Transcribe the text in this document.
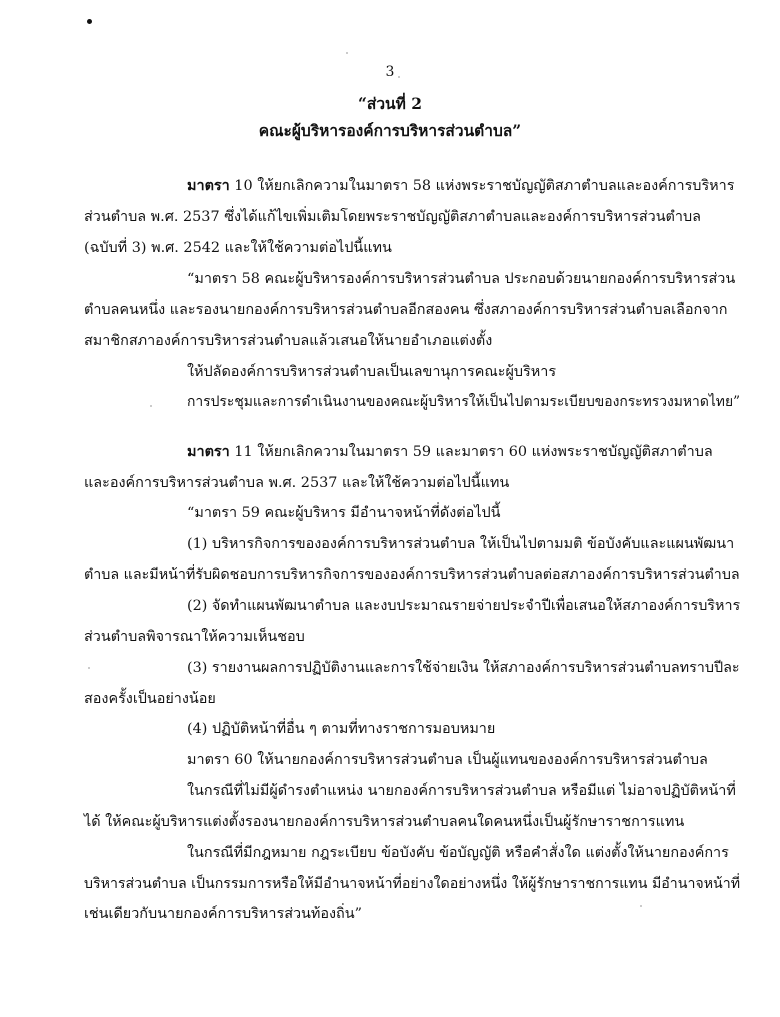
3
“ส่วนที่ 2
คณะผู้บริหารองค์การบริหารส่วนตำบล”
มาตรา 10 ให้ยกเลิกความในมาตรา 58 แห่งพระราชบัญญัติสภาตำบลและองค์การบริหาร
ส่วนตำบล พ.ศ. 2537 ซึ่งได้แก้ไขเพิ่มเติมโดยพระราชบัญญัติสภาตำบลและองค์การบริหารส่วนตำบล
(ฉบับที่ 3) พ.ศ. 2542 และให้ใช้ความต่อไปนี้แทน
“มาตรา 58 คณะผู้บริหารองค์การบริหารส่วนตำบล ประกอบด้วยนายกองค์การบริหารส่วน
ตำบลคนหนึ่ง และรองนายกองค์การบริหารส่วนตำบลอีกสองคน ซึ่งสภาองค์การบริหารส่วนตำบลเลือกจาก
สมาชิกสภาองค์การบริหารส่วนตำบลแล้วเสนอให้นายอำเภอแต่งตั้ง
ให้ปลัดองค์การบริหารส่วนตำบลเป็นเลขานุการคณะผู้บริหาร
การประชุมและการดำเนินงานของคณะผู้บริหารให้เป็นไปตามระเบียบของกระทรวงมหาดไทย”
มาตรา 11 ให้ยกเลิกความในมาตรา 59 และมาตรา 60 แห่งพระราชบัญญัติสภาตำบล
และองค์การบริหารส่วนตำบล พ.ศ. 2537 และให้ใช้ความต่อไปนี้แทน
“มาตรา 59 คณะผู้บริหาร มีอำนาจหน้าที่ดังต่อไปนี้
(1) บริหารกิจการขององค์การบริหารส่วนตำบล ให้เป็นไปตามมติ ข้อบังคับและแผนพัฒนา
ตำบล และมีหน้าที่รับผิดชอบการบริหารกิจการขององค์การบริหารส่วนตำบลต่อสภาองค์การบริหารส่วนตำบล
(2) จัดทำแผนพัฒนาตำบล และงบประมาณรายจ่ายประจำปีเพื่อเสนอให้สภาองค์การบริหาร
ส่วนตำบลพิจารณาให้ความเห็นชอบ
(3) รายงานผลการปฏิบัติงานและการใช้จ่ายเงิน ให้สภาองค์การบริหารส่วนตำบลทราบปีละ
สองครั้งเป็นอย่างน้อย
(4) ปฏิบัติหน้าที่อื่น ๆ ตามที่ทางราชการมอบหมาย
มาตรา 60 ให้นายกองค์การบริหารส่วนตำบล เป็นผู้แทนขององค์การบริหารส่วนตำบล
ในกรณีที่ไม่มีผู้ดำรงตำแหน่ง นายกองค์การบริหารส่วนตำบล หรือมีแต่ ไม่อาจปฏิบัติหน้าที่
ได้ ให้คณะผู้บริหารแต่งตั้งรองนายกองค์การบริหารส่วนตำบลคนใดคนหนึ่งเป็นผู้รักษาราชการแทน
ในกรณีที่มีกฎหมาย กฎระเบียบ ข้อบังคับ ข้อบัญญัติ หรือคำสั่งใด แต่งตั้งให้นายกองค์การ
บริหารส่วนตำบล เป็นกรรมการหรือให้มีอำนาจหน้าที่อย่างใดอย่างหนึ่ง ให้ผู้รักษาราชการแทน มีอำนาจหน้าที่
เช่นเดียวกับนายกองค์การบริหารส่วนท้องถิ่น”
